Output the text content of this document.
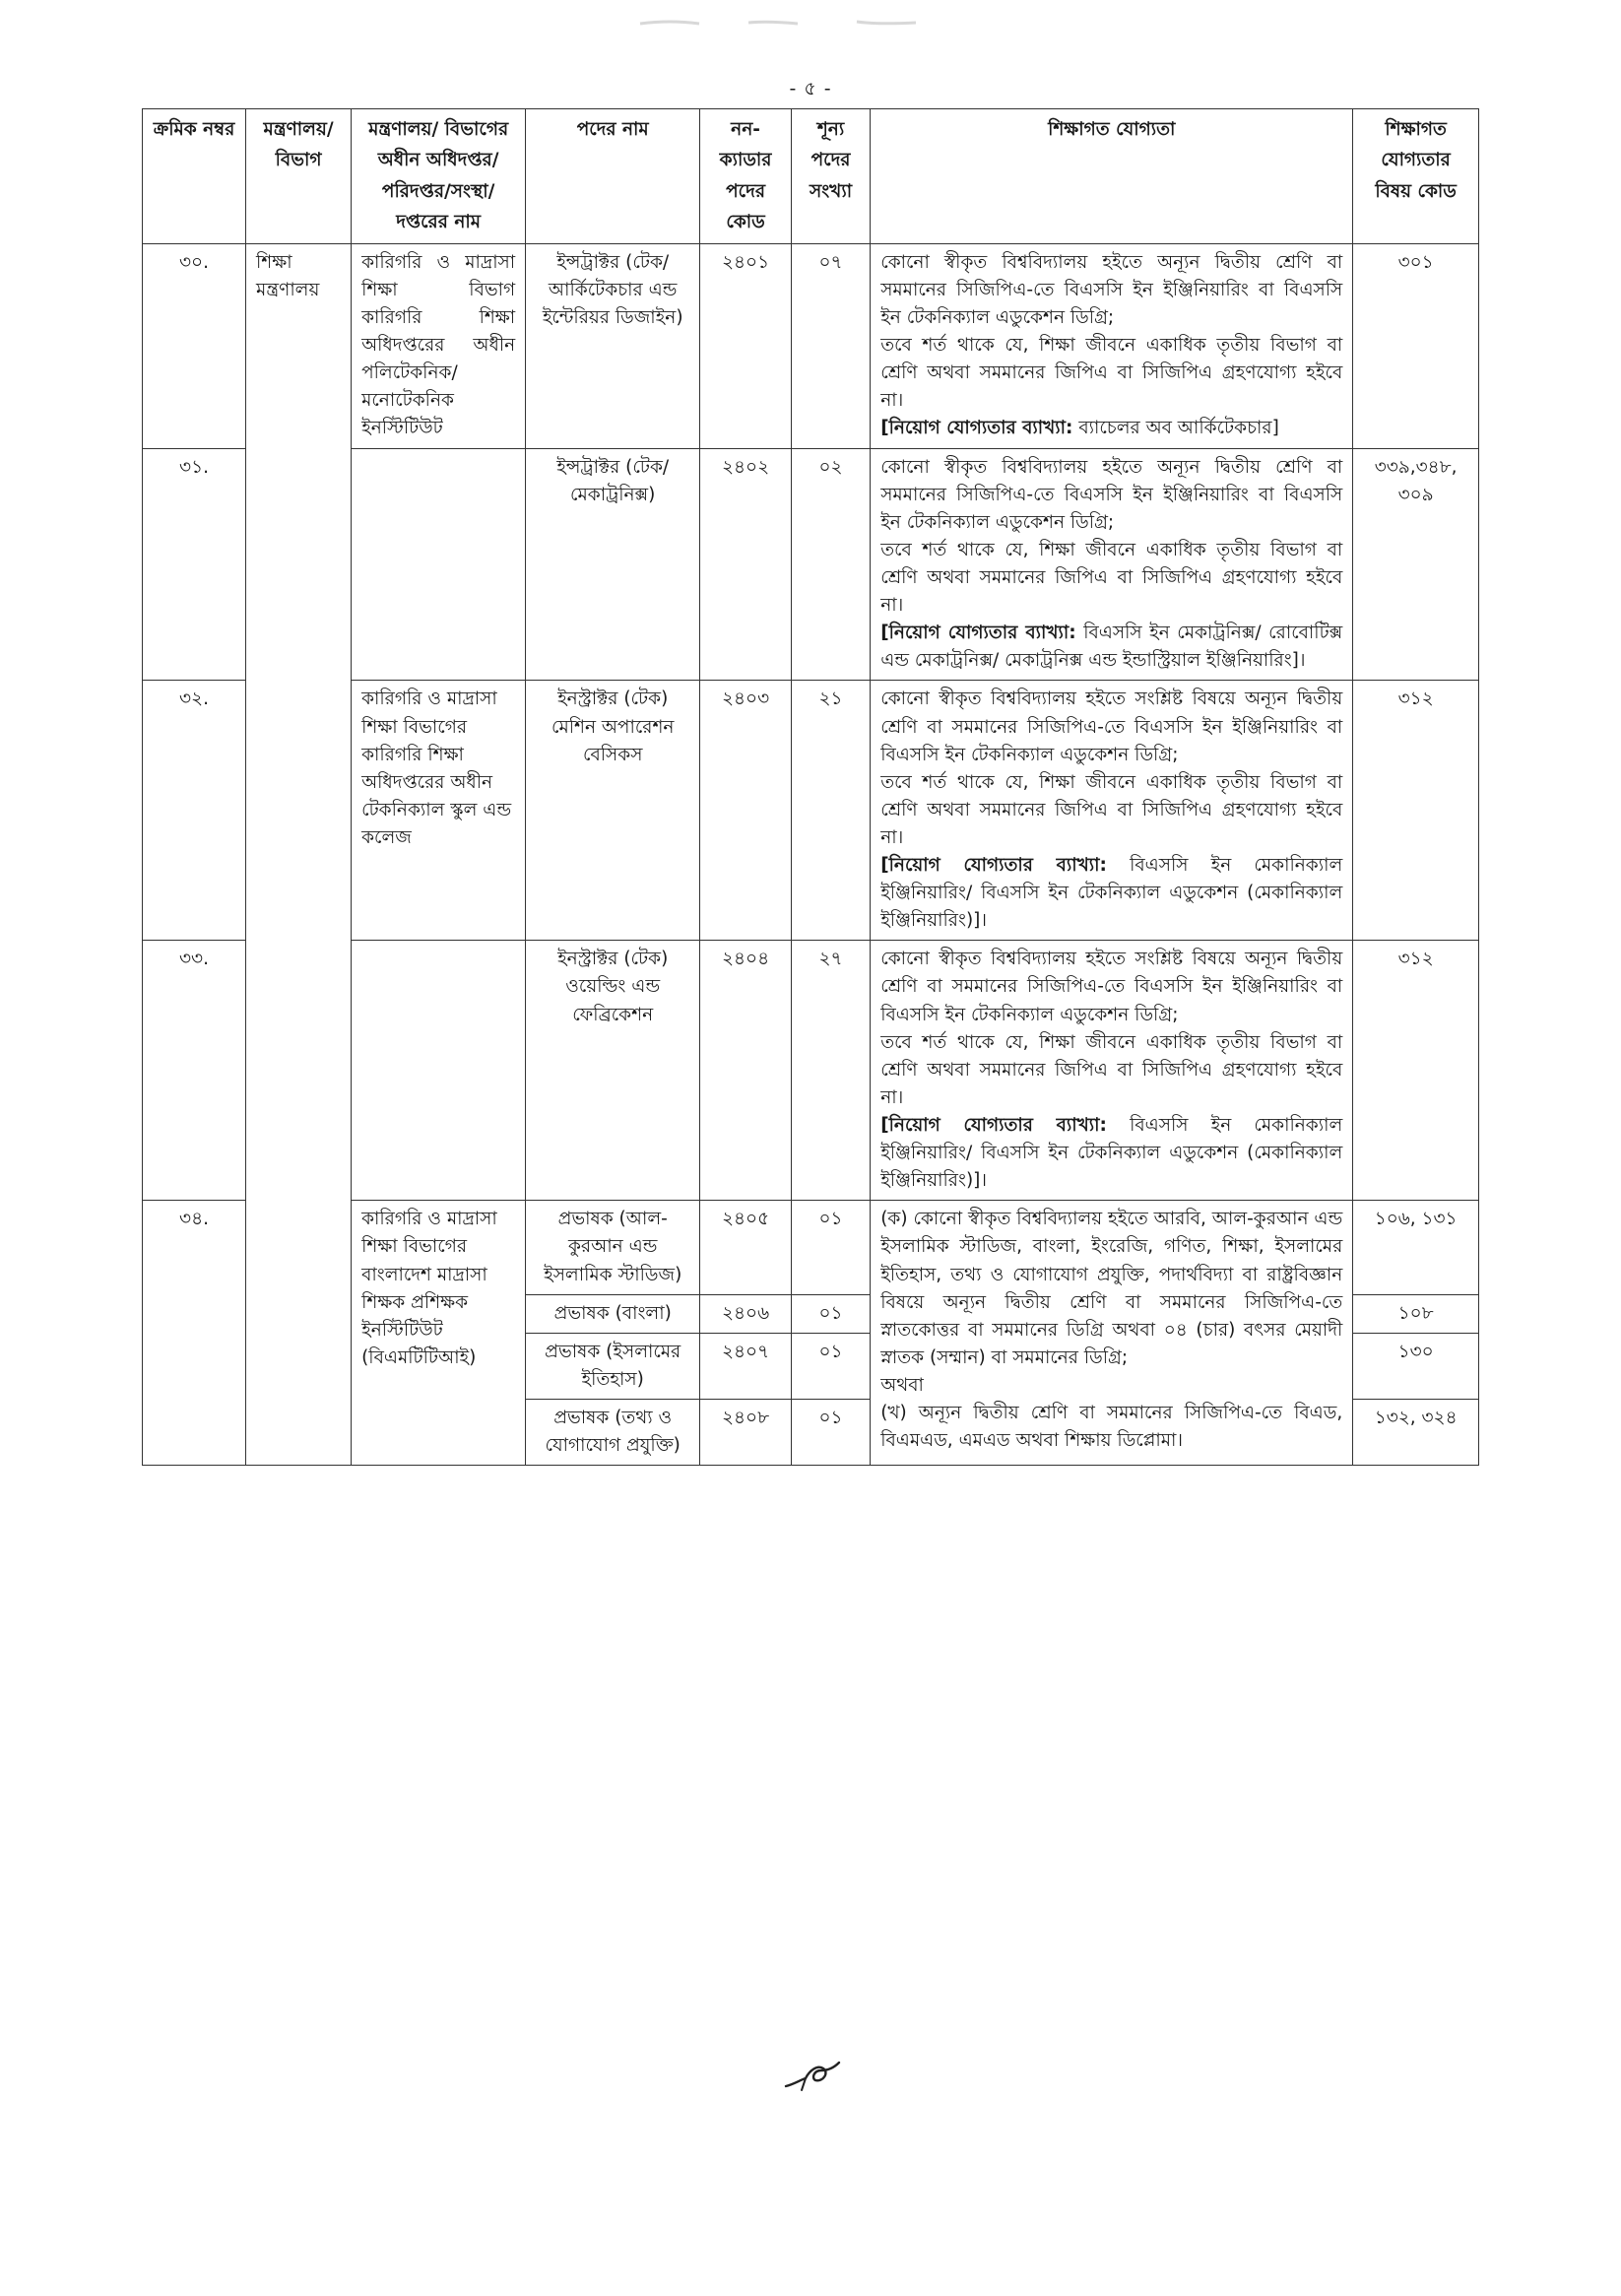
- ৫ -
ক্রমিক নম্বর	মন্ত্রণালয়/ বিভাগ	মন্ত্রণালয়/ বিভাগের অধীন অধিদপ্তর/ পরিদপ্তর/সংস্থা/ দপ্তরের নাম	পদের নাম	নন- ক্যাডার পদের কোড	শূন্য পদের সংখ্যা	শিক্ষাগত যোগ্যতা	শিক্ষাগত যোগ্যতার বিষয় কোড
৩০.	শিক্ষা মন্ত্রণালয়	কারিগরি ও মাদ্রাসা শিক্ষা বিভাগ কারিগরি শিক্ষা অধিদপ্তরের অধীন পলিটেকনিক/ মনোটেকনিক ইনস্টিটিউট	ইন্সট্রাক্টর (টেক/ আর্কিটেকচার এন্ড ইন্টেরিয়র ডিজাইন)	২৪০১	০৭	কোনো স্বীকৃত বিশ্ববিদ্যালয় হইতে অন্যূন দ্বিতীয় শ্রেণি বা সমমানের সিজিপিএ-তে বিএসসি ইন ইঞ্জিনিয়ারিং বা বিএসসি ইন টেকনিক্যাল এডুকেশন ডিগ্রি;

তবে শর্ত থাকে যে, শিক্ষা জীবনে একাধিক তৃতীয় বিভাগ বা শ্রেণি অথবা সমমানের জিপিএ বা সিজিপিএ গ্রহণযোগ্য হইবে না।

[নিয়োগ যোগ্যতার ব্যাখ্যা: ব্যাচেলর অব আর্কিটেকচার]	৩০১
৩১.			ইন্সট্রাক্টর (টেক/ মেকাট্রনিক্স)	২৪০২	০২	কোনো স্বীকৃত বিশ্ববিদ্যালয় হইতে অন্যূন দ্বিতীয় শ্রেণি বা সমমানের সিজিপিএ-তে বিএসসি ইন ইঞ্জিনিয়ারিং বা বিএসসি ইন টেকনিক্যাল এডুকেশন ডিগ্রি;

তবে শর্ত থাকে যে, শিক্ষা জীবনে একাধিক তৃতীয় বিভাগ বা শ্রেণি অথবা সমমানের জিপিএ বা সিজিপিএ গ্রহণযোগ্য হইবে না।

[নিয়োগ যোগ্যতার ব্যাখ্যা: বিএসসি ইন মেকাট্রনিক্স/ রোবোটিক্স এন্ড মেকাট্রনিক্স/ মেকাট্রনিক্স এন্ড ইন্ডাস্ট্রিয়াল ইঞ্জিনিয়ারিং]।	৩৩৯,৩৪৮, ৩০৯
৩২.		কারিগরি ও মাদ্রাসা শিক্ষা বিভাগের কারিগরি শিক্ষা অধিদপ্তরের অধীন টেকনিক্যাল স্কুল এন্ড কলেজ	ইনস্ট্রাক্টর (টেক) মেশিন অপারেশন বেসিকস	২৪০৩	২১	কোনো স্বীকৃত বিশ্ববিদ্যালয় হইতে সংশ্লিষ্ট বিষয়ে অন্যূন দ্বিতীয় শ্রেণি বা সমমানের সিজিপিএ-তে বিএসসি ইন ইঞ্জিনিয়ারিং বা বিএসসি ইন টেকনিক্যাল এডুকেশন ডিগ্রি;

তবে শর্ত থাকে যে, শিক্ষা জীবনে একাধিক তৃতীয় বিভাগ বা শ্রেণি অথবা সমমানের জিপিএ বা সিজিপিএ গ্রহণযোগ্য হইবে না।

[নিয়োগ যোগ্যতার ব্যাখ্যা: বিএসসি ইন মেকানিক্যাল ইঞ্জিনিয়ারিং/ বিএসসি ইন টেকনিক্যাল এডুকেশন (মেকানিক্যাল ইঞ্জিনিয়ারিং)]।	৩১২
৩৩.			ইনস্ট্রাক্টর (টেক) ওয়েল্ডিং এন্ড ফেব্রিকেশন	২৪০৪	২৭	কোনো স্বীকৃত বিশ্ববিদ্যালয় হইতে সংশ্লিষ্ট বিষয়ে অন্যূন দ্বিতীয় শ্রেণি বা সমমানের সিজিপিএ-তে বিএসসি ইন ইঞ্জিনিয়ারিং বা বিএসসি ইন টেকনিক্যাল এডুকেশন ডিগ্রি;

তবে শর্ত থাকে যে, শিক্ষা জীবনে একাধিক তৃতীয় বিভাগ বা শ্রেণি অথবা সমমানের জিপিএ বা সিজিপিএ গ্রহণযোগ্য হইবে না।

[নিয়োগ যোগ্যতার ব্যাখ্যা: বিএসসি ইন মেকানিক্যাল ইঞ্জিনিয়ারিং/ বিএসসি ইন টেকনিক্যাল এডুকেশন (মেকানিক্যাল ইঞ্জিনিয়ারিং)]।	৩১২
৩৪.		কারিগরি ও মাদ্রাসা শিক্ষা বিভাগের বাংলাদেশ মাদ্রাসা শিক্ষক প্রশিক্ষক ইনস্টিটিউট (বিএমটিটিআই)	প্রভাষক (আল-কুরআন এন্ড ইসলামিক স্টাডিজ)	২৪০৫	০১	(ক) কোনো স্বীকৃত বিশ্ববিদ্যালয় হইতে আরবি, আল-কুরআন এন্ড ইসলামিক স্টাডিজ, বাংলা, ইংরেজি, গণিত, শিক্ষা, ইসলামের ইতিহাস, তথ্য ও যোগাযোগ প্রযুক্তি, পদার্থবিদ্যা বা রাষ্ট্রবিজ্ঞান বিষয়ে অন্যূন দ্বিতীয় শ্রেণি বা সমমানের সিজিপিএ-তে স্নাতকোত্তর বা সমমানের ডিগ্রি অথবা ০৪ (চার) বৎসর মেয়াদী স্নাতক (সম্মান) বা সমমানের ডিগ্রি;

অথবা

(খ) অন্যূন দ্বিতীয় শ্রেণি বা সমমানের সিজিপিএ-তে বিএড, বিএমএড, এমএড অথবা শিক্ষায় ডিপ্লোমা।	১০৬, ১৩১
			প্রভাষক (বাংলা)	২৪০৬	০১		১০৮
			প্রভাষক (ইসলামের ইতিহাস)	২৪০৭	০১		১৩০
			প্রভাষক (তথ্য ও যোগাযোগ প্রযুক্তি)	২৪০৮	০১		১৩২, ৩২৪
